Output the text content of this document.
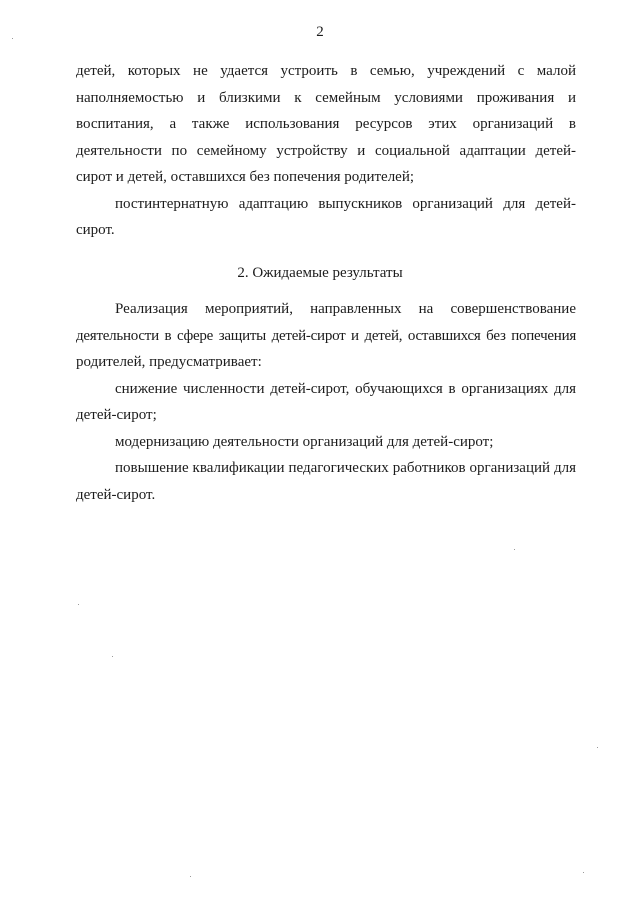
2
детей, которых не удается устроить в семью, учреждений с малой
наполняемостью и близкими к семейным условиями проживания и
воспитания, а также использования ресурсов этих организаций в
деятельности по семейному устройству и социальной адаптации детей-
сирот и детей, оставшихся без попечения родителей;
постинтернатную адаптацию выпускников организаций для детей-
сирот.
2. Ожидаемые результаты
Реализация мероприятий, направленных на совершенствование
деятельности в сфере защиты детей-сирот и детей, оставшихся без попечения
родителей, предусматривает:
снижение численности детей-сирот, обучающихся в организациях для
детей-сирот;
модернизацию деятельности организаций для детей-сирот;
повышение квалификации педагогических работников организаций для
детей-сирот.
